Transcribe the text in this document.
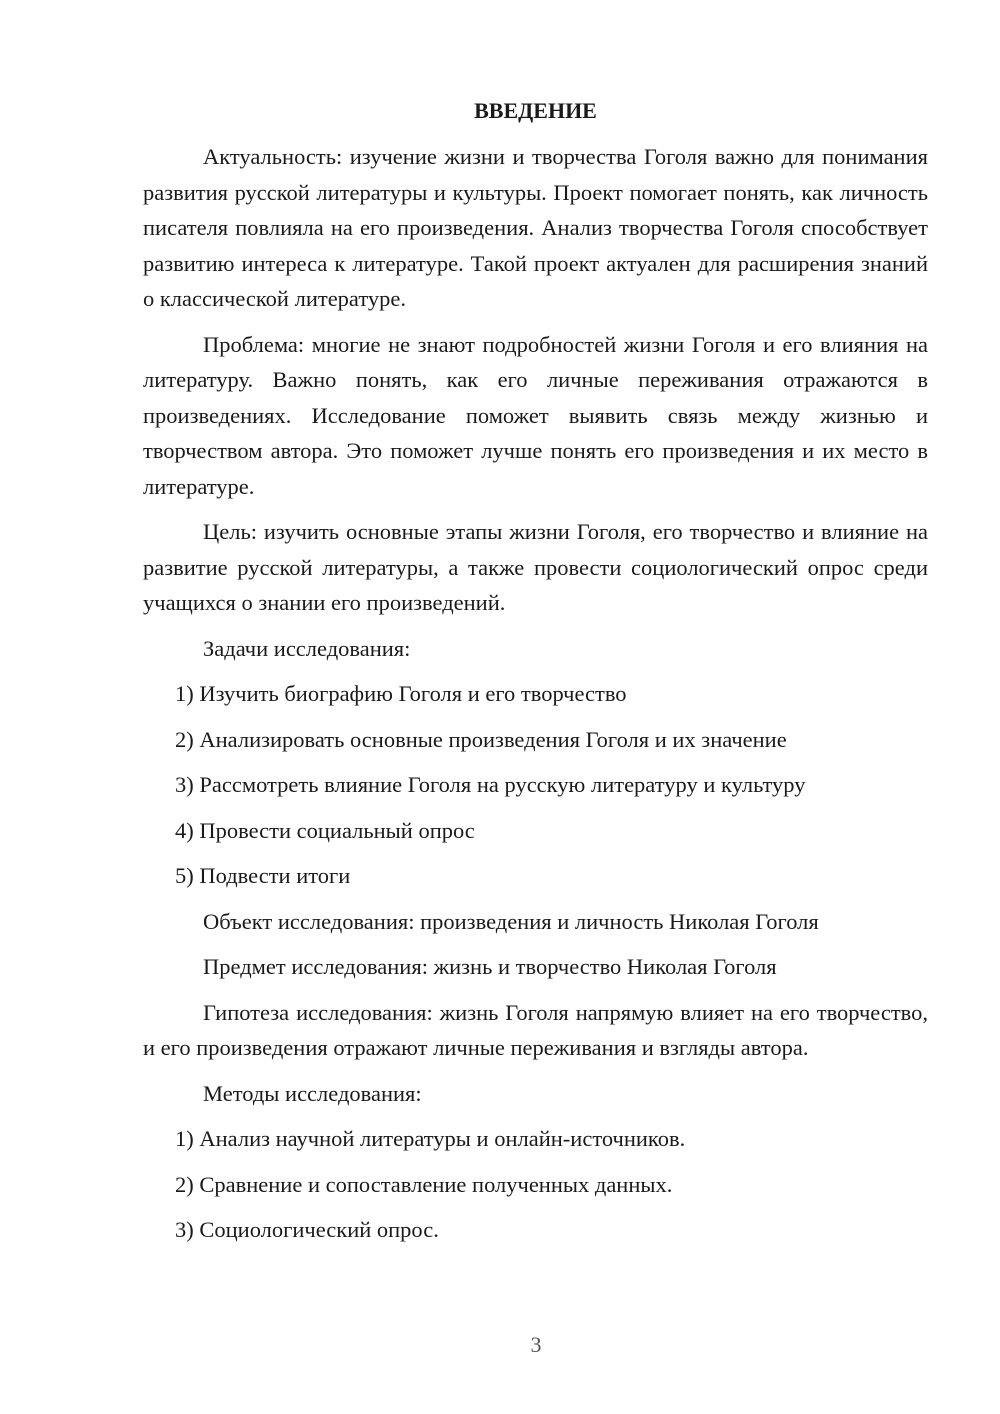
ВВЕДЕНИЕ

Актуальность: изучение жизни и творчества Гоголя важно для понимания развития русской литературы и культуры. Проект помогает понять, как личность писателя повлияла на его произведения. Анализ творчества Гоголя способствует развитию интереса к литературе. Такой проект актуален для расширения знаний о классической литературе.

Проблема: многие не знают подробностей жизни Гоголя и его влияния на литературу. Важно понять, как его личные переживания отражаются в произведениях. Исследование поможет выявить связь между жизнью и творчеством автора. Это поможет лучше понять его произведения и их место в литературе.

Цель: изучить основные этапы жизни Гоголя, его творчество и влияние на развитие русской литературы, а также провести социологический опрос среди учащихся о знании его произведений.

Задачи исследования:
1) Изучить биографию Гоголя и его творчество
2) Анализировать основные произведения Гоголя и их значение
3) Рассмотреть влияние Гоголя на русскую литературу и культуру
4) Провести социальный опрос
5) Подвести итоги
Объект исследования: произведения и личность Николая Гоголя
Предмет исследования: жизнь и творчество Николая Гоголя

Гипотеза исследования: жизнь Гоголя напрямую влияет на его творчество, и его произведения отражают личные переживания и взгляды автора.

Методы исследования:
1) Анализ научной литературы и онлайн-источников.
2) Сравнение и сопоставление полученных данных.
3) Социологический опрос.
3
